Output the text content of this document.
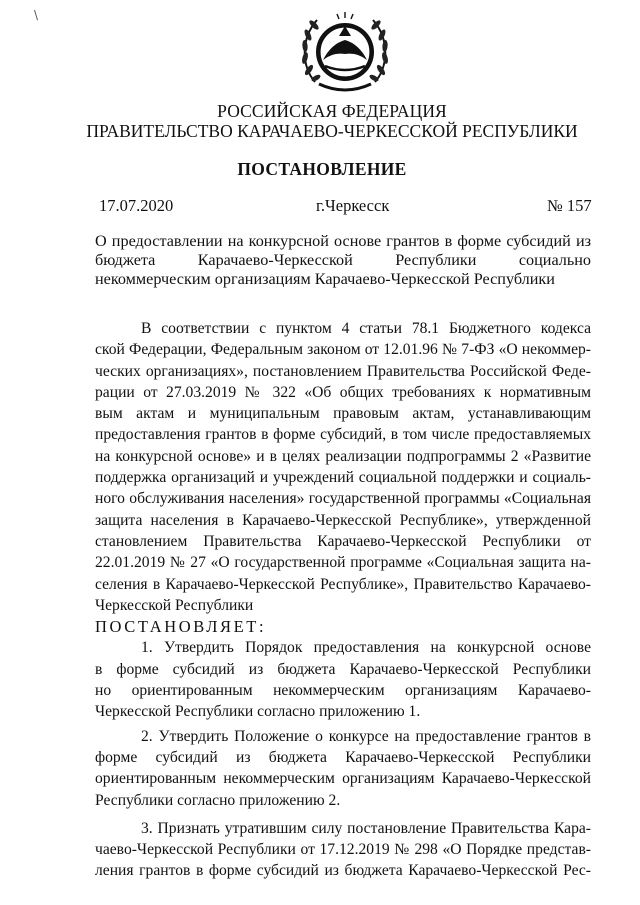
\
РОССИЙСКАЯ ФЕДЕРАЦИЯ
ПРАВИТЕЛЬСТВО КАРАЧАЕВО-ЧЕРКЕССКОЙ РЕСПУБЛИКИ
ПОСТАНОВЛЕНИЕ
17.07.2020	г.Черкесск	№ 157
О предоставлении на конкурсной основе грантов в форме субсидий из
бюджета Карачаево-Черкесской Республики социально
некоммерческим организациям Карачаево-Черкесской Республики
В соответствии с пунктом 4 статьи 78.1 Бюджетного кодекса
ской Федерации, Федеральным законом от 12.01.96 № 7-ФЗ «О некоммер-
ческих организациях», постановлением Правительства Российской Феде-
рации от 27.03.2019 № 322 «Об общих требованиях к нормативным
вым актам и муниципальным правовым актам, устанавливающим
предоставления грантов в форме субсидий, в том числе предоставляемых
на конкурсной основе» и в целях реализации подпрограммы 2 «Развитие
поддержка организаций и учреждений социальной поддержки и социаль-
ного обслуживания населения» государственной программы «Социальная
защита населения в Карачаево-Черкесской Республике», утвержденной
становлением Правительства Карачаево-Черкесской Республики от
22.01.2019 № 27 «О государственной программе «Социальная защита на-
селения в Карачаево-Черкесской Республике», Правительство Карачаево-
Черкесской Республики
ПОСТАНОВЛЯЕТ:
1. Утвердить Порядок предоставления на конкурсной основе
в форме субсидий из бюджета Карачаево-Черкесской Республики
но ориентированным некоммерческим организациям Карачаево-
Черкесской Республики согласно приложению 1.
2. Утвердить Положение о конкурсе на предоставление грантов в
форме субсидий из бюджета Карачаево-Черкесской Республики
ориентированным некоммерческим организациям Карачаево-Черкесской
Республики согласно приложению 2.
3. Признать утратившим силу постановление Правительства Кара-
чаево-Черкесской Республики от 17.12.2019 № 298 «О Порядке представ-
ления грантов в форме субсидий из бюджета Карачаево-Черкесской Рес-
